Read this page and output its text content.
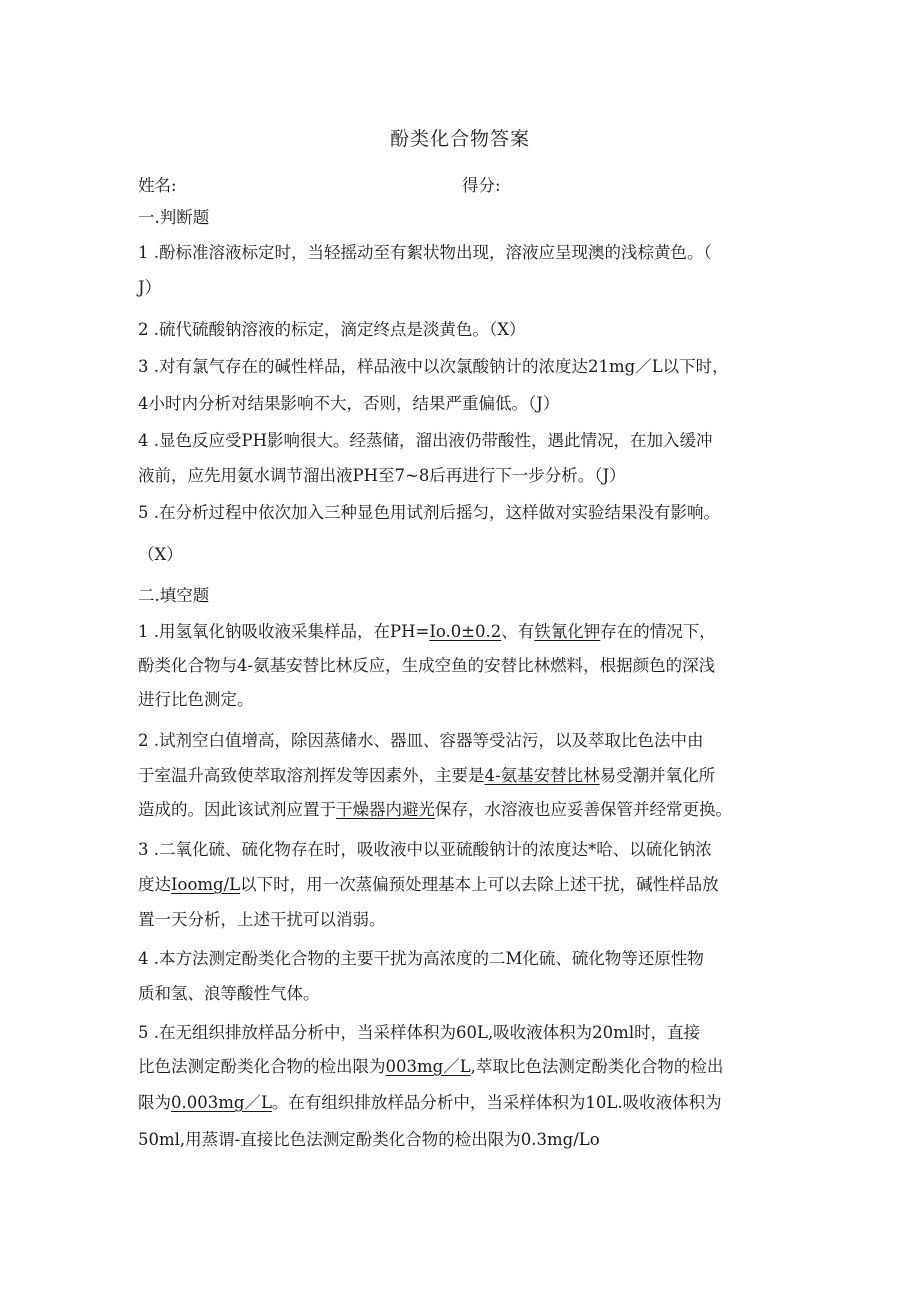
酚类化合物答案
姓名:	得分:
一.判断题
1 .酚标准溶液标定时，当轻摇动至有絮状物出现，溶液应呈现澳的浅棕黄色。（
J）
2 .硫代硫酸钠溶液的标定，滴定终点是淡黄色。（X）
3 .对有氯气存在的碱性样品，样品液中以次氯酸钠计的浓度达21mg／L以下时，
4小时内分析对结果影响不大，否则，结果严重偏低。（J）
4 .显色反应受PH影响很大。经蒸储，溜出液仍带酸性，遇此情况，在加入缓冲
液前，应先用氨水调节溜出液PH至7~8后再进行下一步分析。（J）
5 .在分析过程中依次加入三种显色用试剂后摇匀，这样做对实验结果没有影响。
（X）
二.填空题
1 .用氢氧化钠吸收液采集样品，在PH=Io.0±0.2、有铁氰化钾存在的情况下，
酚类化合物与4-氨基安替比林反应，生成空鱼的安替比林燃料，根据颜色的深浅
进行比色测定。
2 .试剂空白值增高，除因蒸储水、器皿、容器等受沾污，以及萃取比色法中由
于室温升高致使萃取溶剂挥发等因素外，主要是4-氨基安替比林易受潮并氧化所
造成的。因此该试剂应置于干燥器内避光保存，水溶液也应妥善保管并经常更换。
3 .二氧化硫、硫化物存在时，吸收液中以亚硫酸钠计的浓度达*哈、以硫化钠浓
度达Ioomg/L以下时，用一次蒸偏预处理基本上可以去除上述干扰，碱性样品放
置一天分析，上述干扰可以消弱。
4 .本方法测定酚类化合物的主要干扰为高浓度的二M化硫、硫化物等还原性物
质和氢、浪等酸性气体。
5 .在无组织排放样品分析中，当采样体积为60L,吸收液体积为20ml时，直接
比色法测定酚类化合物的检出限为003mg／L,萃取比色法测定酚类化合物的检出
限为0.003mg／L。在有组织排放样品分析中，当采样体积为10L.吸收液体积为
50ml,用蒸谓-直接比色法测定酚类化合物的检出限为0.3mg/Lo
